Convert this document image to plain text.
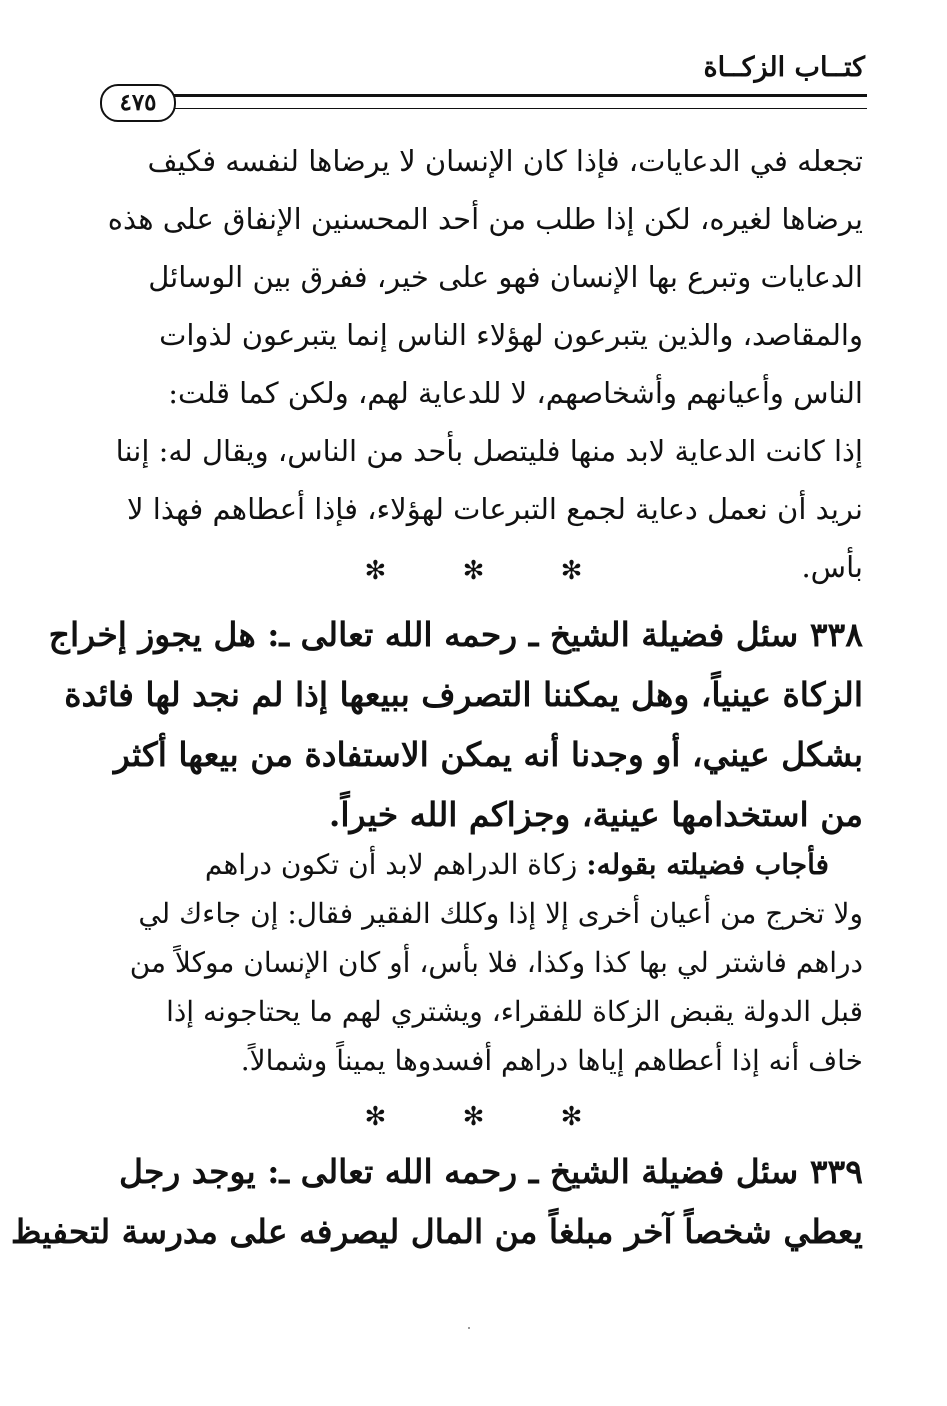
كتــاب الزكــاة
٤٧٥
تجعله في الدعايات، فإذا كان الإنسان لا يرضاها لنفسه فكيف
يرضاها لغيره، لكن إذا طلب من أحد المحسنين الإنفاق على هذه
الدعايات وتبرع بها الإنسان فهو على خير، ففرق بين الوسائل
والمقاصد، والذين يتبرعون لهؤلاء الناس إنما يتبرعون لذوات
الناس وأعيانهم وأشخاصهم، لا للدعاية لهم، ولكن كما قلت:
إذا كانت الدعاية لابد منها فليتصل بأحد من الناس، ويقال له: إننا
نريد أن نعمل دعاية لجمع التبرعات لهؤلاء، فإذا أعطاهم فهذا لا
بأس.
✻ ✻ ✻
٣٣٨ سئل فضيلة الشيخ ـ رحمه الله تعالى ـ: هل يجوز إخراج
الزكاة عينياً، وهل يمكننا التصرف ببيعها إذا لم نجد لها فائدة
بشكل عيني، أو وجدنا أنه يمكن الاستفادة من بيعها أكثر
من استخدامها عينية، وجزاكم الله خيراً.
فأجاب فضيلته بقوله: زكاة الدراهم لابد أن تكون دراهم
ولا تخرج من أعيان أخرى إلا إذا وكلك الفقير فقال: إن جاءك لي
دراهم فاشتر لي بها كذا وكذا، فلا بأس، أو كان الإنسان موكلاً من
قبل الدولة يقبض الزكاة للفقراء، ويشتري لهم ما يحتاجونه إذا
خاف أنه إذا أعطاهم إياها دراهم أفسدوها يميناً وشمالاً.
✻ ✻ ✻
٣٣٩ سئل فضيلة الشيخ ـ رحمه الله تعالى ـ: يوجد رجل
يعطي شخصاً آخر مبلغاً من المال ليصرفه على مدرسة لتحفيظ
